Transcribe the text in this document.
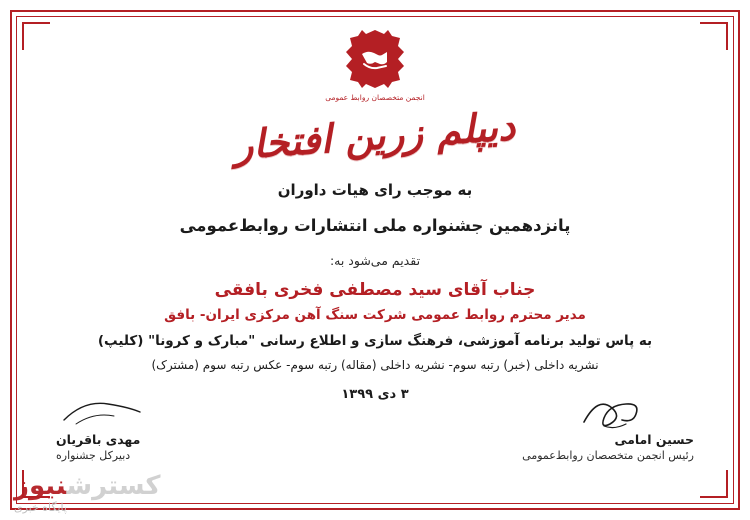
انجمن متخصصان روابط عمومی
دیپلم زرین افتخار
به موجب رای هیات داوران
پانزدهمین جشنواره ملی انتشارات روابط‌عمومی
تقدیم می‌شود به:
جناب آقای سید مصطفی فخری بافقی
مدیر محترم روابط عمومی شرکت سنگ آهن مرکزی ایران- بافق
به پاس تولید برنامه آموزشی، فرهنگ سازی و اطلاع رسانی "مبارک و کرونا" (کلیپ)
نشریه داخلی (خبر) رتبه سوم- نشریه داخلی (مقاله) رتبه سوم- عکس رتبه سوم (مشترک)
۳ دی ۱۳۹۹
حسین امامی
رئیس انجمن متخصصان روابط‌عمومی
مهدی باقریان
دبیرکل جشنواره
کسترشنیوز
پایگاه خبری
